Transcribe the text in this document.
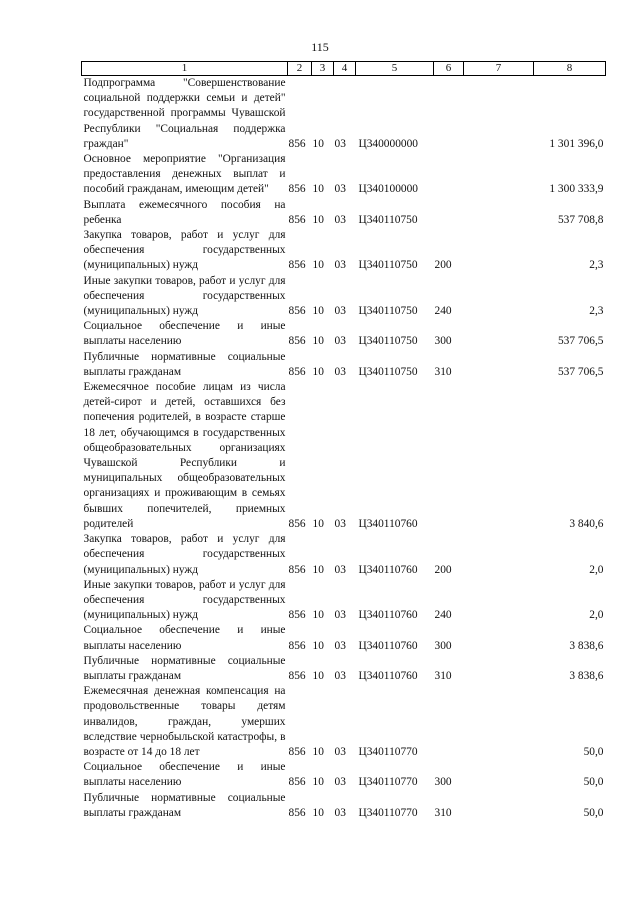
115
1	2	3	4	5	6	7	8
Подпрограмма "Совершенствование социальной поддержки семьи и детей" государственной программы Чувашской Республики "Социальная поддержка граждан"	856	10	03	Ц340000000			1 301 396,0
Основное мероприятие "Организация предоставления денежных выплат и пособий гражданам, имеющим детей"	856	10	03	Ц340100000			1 300 333,9
Выплата ежемесячного пособия на ребенка	856	10	03	Ц340110750			537 708,8
Закупка товаров, работ и услуг для обеспечения государственных (муниципальных) нужд	856	10	03	Ц340110750	200		2,3
Иные закупки товаров, работ и услуг для обеспечения государственных (муниципальных) нужд	856	10	03	Ц340110750	240		2,3
Социальное обеспечение и иные выплаты населению	856	10	03	Ц340110750	300		537 706,5
Публичные нормативные социальные выплаты гражданам	856	10	03	Ц340110750	310		537 706,5
Ежемесячное пособие лицам из числа детей-сирот и детей, оставшихся без попечения родителей, в возрасте старше 18 лет, обучающимся в государственных общеобразовательных организациях Чувашской Республики и муниципальных общеобразовательных организациях и проживающим в семьях бывших попечителей, приемных родителей	856	10	03	Ц340110760			3 840,6
Закупка товаров, работ и услуг для обеспечения государственных (муниципальных) нужд	856	10	03	Ц340110760	200		2,0
Иные закупки товаров, работ и услуг для обеспечения государственных (муниципальных) нужд	856	10	03	Ц340110760	240		2,0
Социальное обеспечение и иные выплаты населению	856	10	03	Ц340110760	300		3 838,6
Публичные нормативные социальные выплаты гражданам	856	10	03	Ц340110760	310		3 838,6
Ежемесячная денежная компенсация на продовольственные товары детям инвалидов, граждан, умерших вследствие чернобыльской катастрофы, в возрасте от 14 до 18 лет	856	10	03	Ц340110770			50,0
Социальное обеспечение и иные выплаты населению	856	10	03	Ц340110770	300		50,0
Публичные нормативные социальные выплаты гражданам	856	10	03	Ц340110770	310		50,0
